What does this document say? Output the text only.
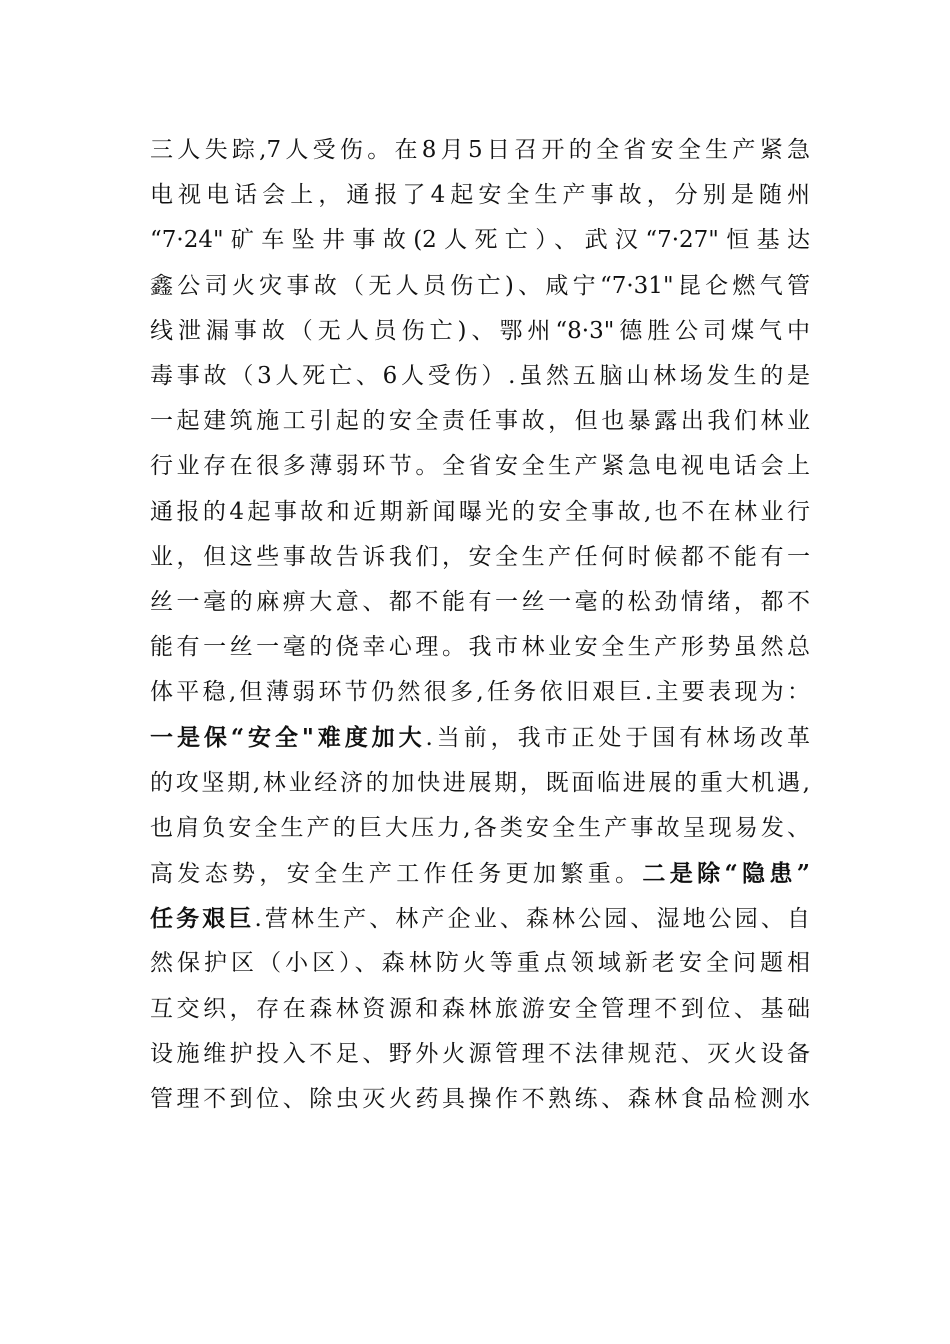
三人失踪,7人受伤。在8月5日召开的全省安全生产紧急
电视电话会上，通报了4起安全生产事故，分别是随州
“7·24"矿车坠井事故(2人死亡）、武汉“7·27"恒基达
鑫公司火灾事故（无人员伤亡)、咸宁“7·31"昆仑燃气管
线泄漏事故（无人员伤亡)、鄂州“8·3"德胜公司煤气中
毒事故（3人死亡、6人受伤）.虽然五脑山林场发生的是
一起建筑施工引起的安全责任事故，但也暴露出我们林业
行业存在很多薄弱环节。全省安全生产紧急电视电话会上
通报的4起事故和近期新闻曝光的安全事故,也不在林业行
业，但这些事故告诉我们，安全生产任何时候都不能有一
丝一毫的麻痹大意、都不能有一丝一毫的松劲情绪，都不
能有一丝一毫的侥幸心理。我市林业安全生产形势虽然总
体平稳,但薄弱环节仍然很多,任务依旧艰巨.主要表现为：
一是保“安全"难度加大.当前，我市正处于国有林场改革
的攻坚期,林业经济的加快进展期，既面临进展的重大机遇,
也肩负安全生产的巨大压力,各类安全生产事故呈现易发、
高发态势，安全生产工作任务更加繁重。二是除“隐患”
任务艰巨.营林生产、林产企业、森林公园、湿地公园、自
然保护区（小区）、森林防火等重点领域新老安全问题相
互交织，存在森林资源和森林旅游安全管理不到位、基础
设施维护投入不足、野外火源管理不法律规范、灭火设备
管理不到位、除虫灭火药具操作不熟练、森林食品检测水
